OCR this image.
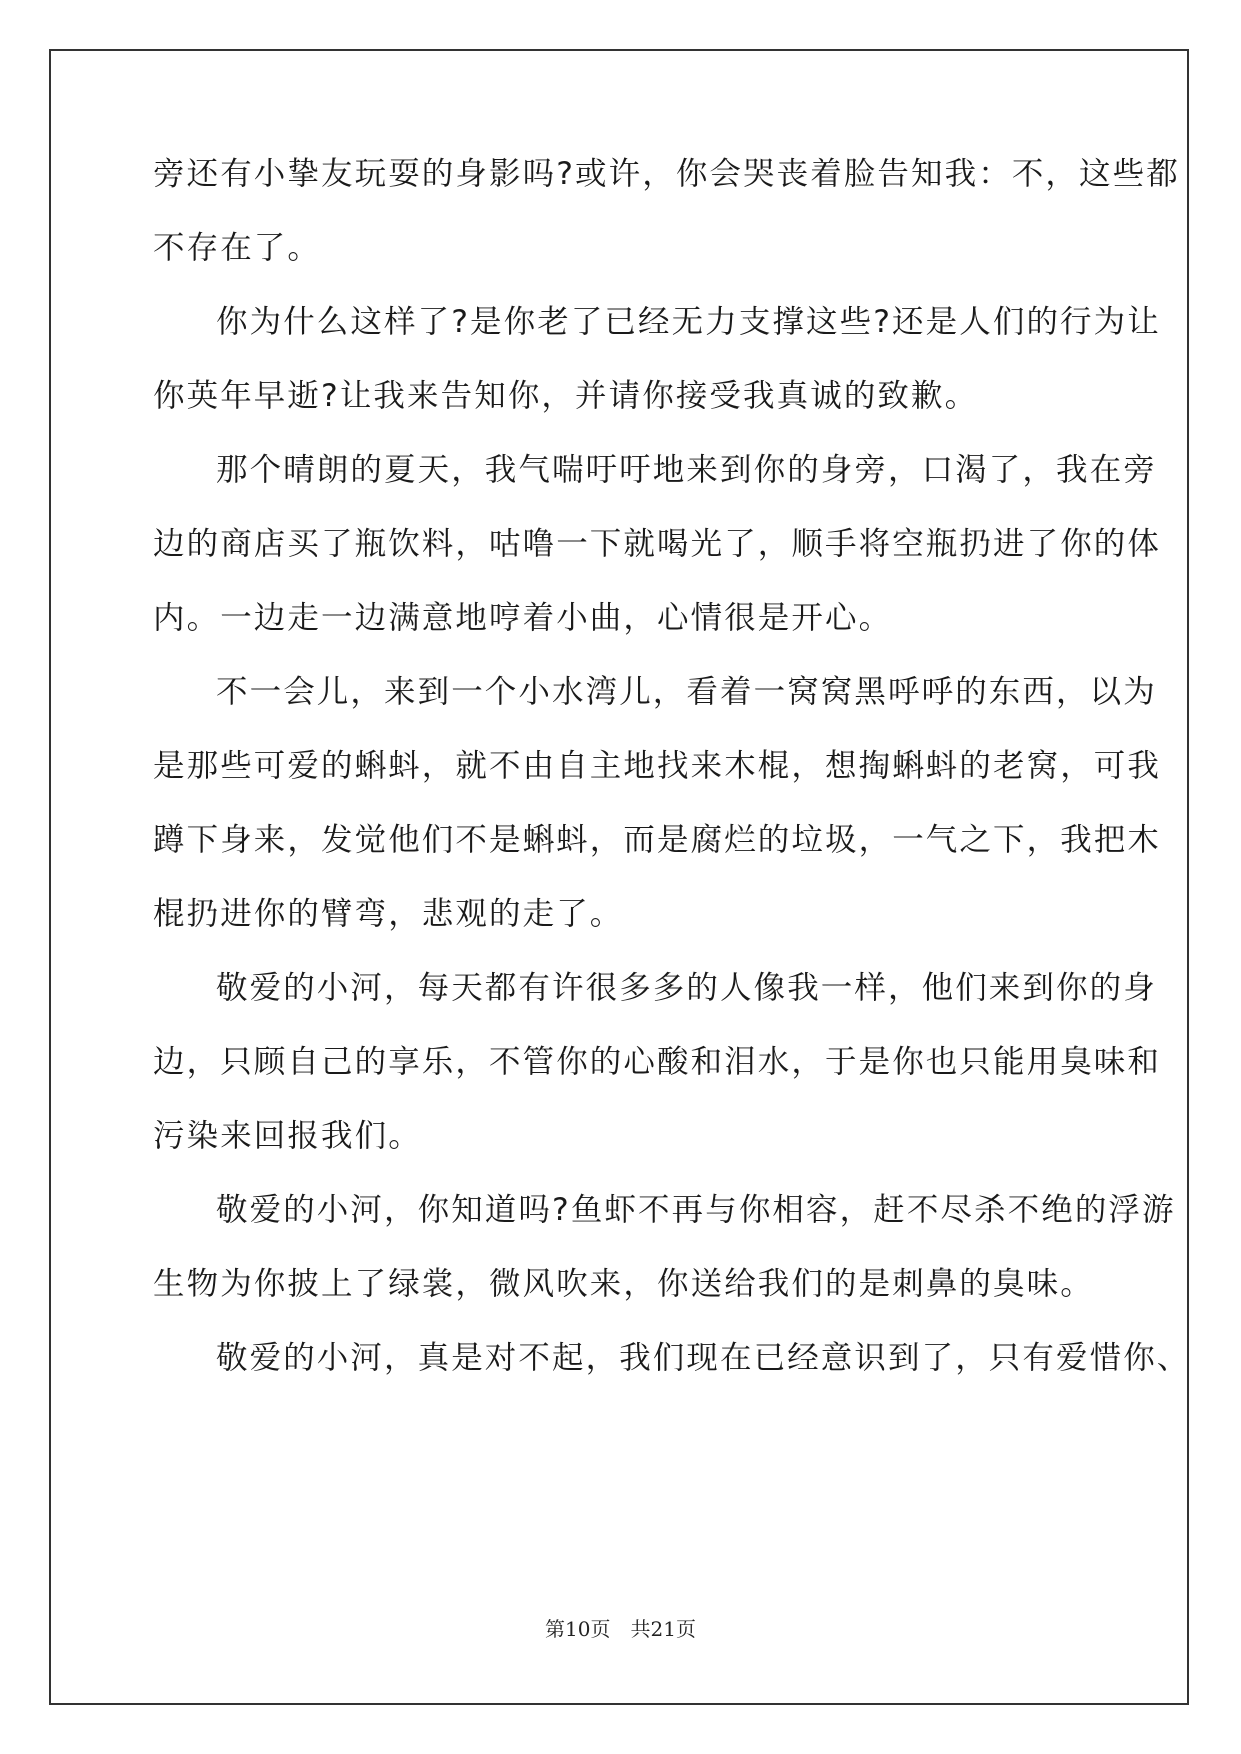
旁还有小挚友玩耍的身影吗?或许，你会哭丧着脸告知我：不，这些都
不存在了。
你为什么这样了?是你老了已经无力支撑这些?还是人们的行为让
你英年早逝?让我来告知你，并请你接受我真诚的致歉。
那个晴朗的夏天，我气喘吁吁地来到你的身旁，口渴了，我在旁
边的商店买了瓶饮料，咕噜一下就喝光了，顺手将空瓶扔进了你的体
内。一边走一边满意地哼着小曲，心情很是开心。
不一会儿，来到一个小水湾儿，看着一窝窝黑呼呼的东西，以为
是那些可爱的蝌蚪，就不由自主地找来木棍，想掏蝌蚪的老窝，可我
蹲下身来，发觉他们不是蝌蚪，而是腐烂的垃圾，一气之下，我把木
棍扔进你的臂弯，悲观的走了。
敬爱的小河，每天都有许很多多的人像我一样，他们来到你的身
边，只顾自己的享乐，不管你的心酸和泪水，于是你也只能用臭味和
污染来回报我们。
敬爱的小河，你知道吗?鱼虾不再与你相容，赶不尽杀不绝的浮游
生物为你披上了绿裳，微风吹来，你送给我们的是刺鼻的臭味。
敬爱的小河，真是对不起，我们现在已经意识到了，只有爱惜你、
第10页　共21页
